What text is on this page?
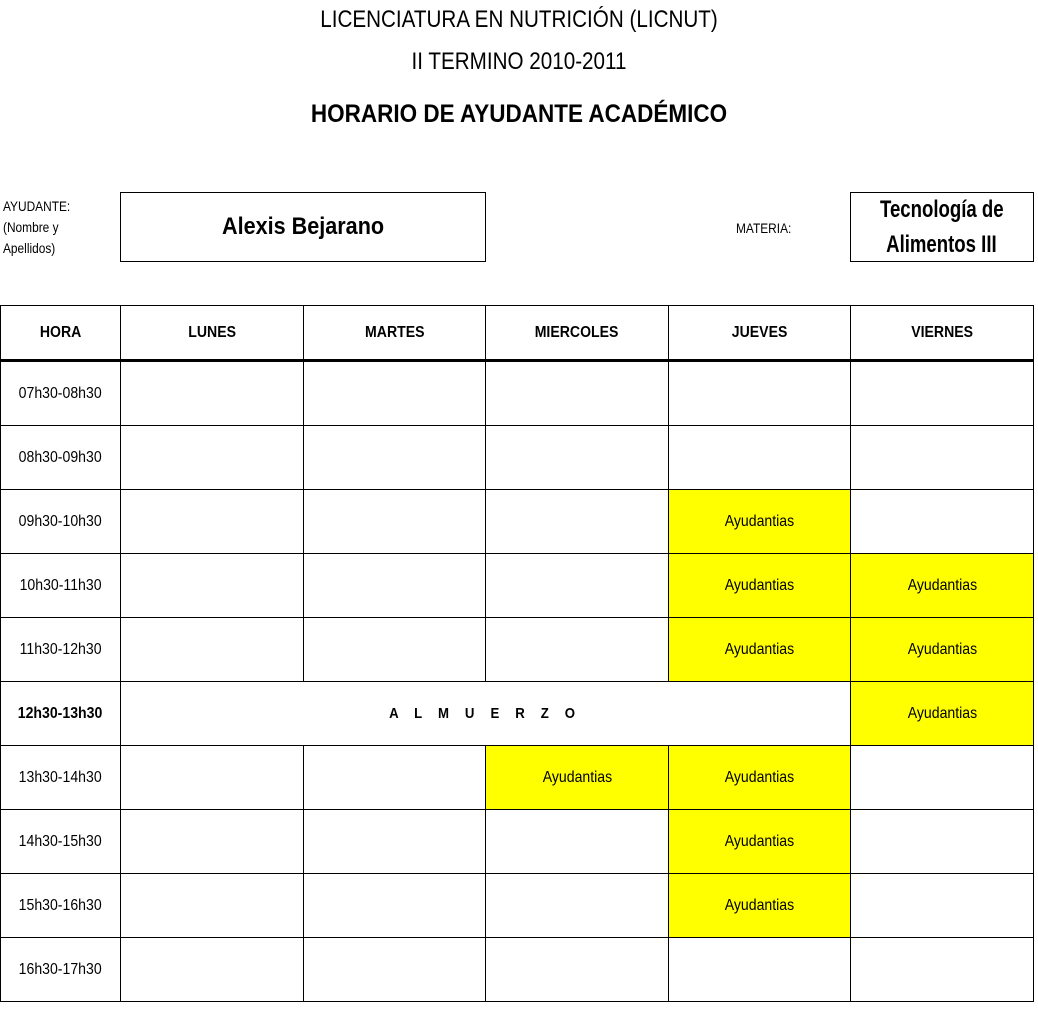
LICENCIATURA EN NUTRICIÓN (LICNUT)
II TERMINO 2010-2011
HORARIO DE AYUDANTE ACADÉMICO
AYUDANTE:
(Nombre y
Apellidos)
Alexis Bejarano	MATERIA:
Tecnología de
Alimentos III
HORA	LUNES	MARTES	MIERCOLES	JUEVES	VIERNES
07h30-08h30					
08h30-09h30					
09h30-10h30				Ayudantias	
10h30-11h30				Ayudantias	Ayudantias
11h30-12h30				Ayudantias	Ayudantias
12h30-13h30	A L M U E R Z O				Ayudantias
13h30-14h30			Ayudantias	Ayudantias	
14h30-15h30				Ayudantias	
15h30-16h30				Ayudantias	
16h30-17h30					
